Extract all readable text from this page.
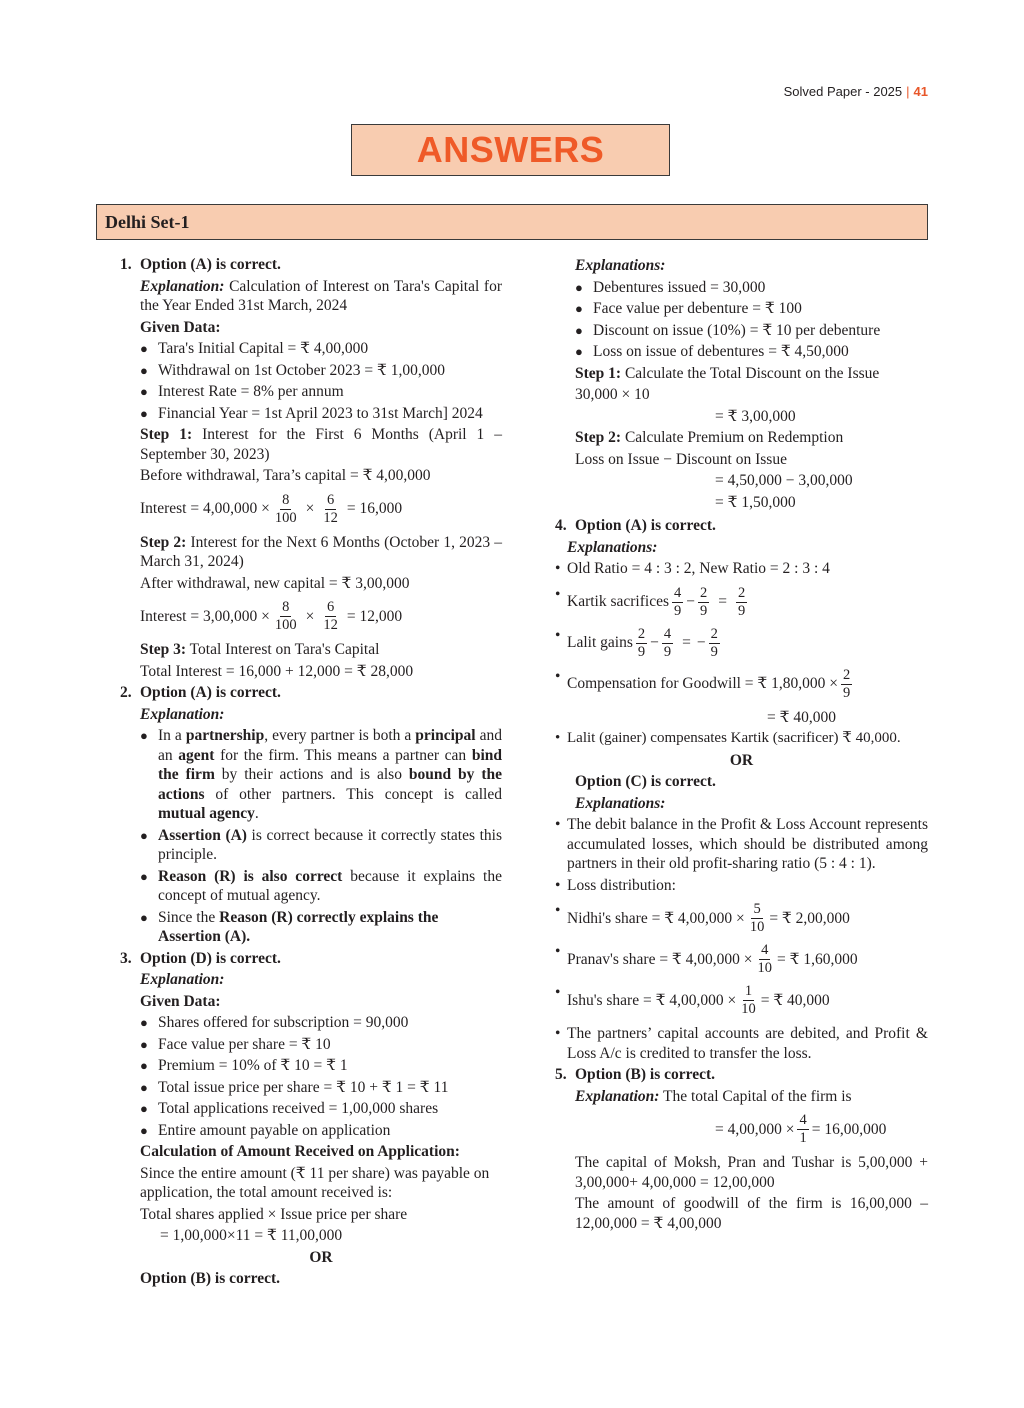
Solved Paper - 2025 | 41
ANSWERS
Delhi Set-1
1. Option (A) is correct.
Explanation: Calculation of Interest on Tara's Capital for the Year Ended 31st March, 2024
Given Data:
● Tara's Initial Capital = ₹ 4,00,000
● Withdrawal on 1st October 2023 = ₹ 1,00,000
● Interest Rate = 8% per annum
● Financial Year = 1st April 2023 to 31st March] 2024
Step 1: Interest for the First 6 Months (April 1 – September 30, 2023)
Before withdrawal, Tara’s capital = ₹ 4,00,000
Interest = $4,00,000 \times \frac{8}{100} \times \frac{6}{12} = 16,000$
Step 2: Interest for the Next 6 Months (October 1, 2023 – March 31, 2024)
After withdrawal, new capital = ₹ 3,00,000
Interest = $3,00,000 \times \frac{8}{100} \times \frac{6}{12} = 12,000$
Step 3: Total Interest on Tara's Capital
Total Interest = 16,000 + 12,000 = ₹ 28,000
2. Option (A) is correct.
Explanation:
● In a partnership, every partner is both a principal and an agent for the firm. This means a partner can bind the firm by their actions and is also bound by the actions of other partners. This concept is called mutual agency.
● Assertion (A) is correct because it correctly states this principle.
● Reason (R) is also correct because it explains the concept of mutual agency.
● Since the Reason (R) correctly explains the Assertion (A).
3. Option (D) is correct.
Explanation:
Given Data:
● Shares offered for subscription = 90,000
● Face value per share = ₹ 10
● Premium = 10% of ₹ 10 = ₹ 1
● Total issue price per share = ₹ 10 + ₹ 1 = ₹ 11
● Total applications received = 1,00,000 shares
● Entire amount payable on application
Calculation of Amount Received on Application:
Since the entire amount (₹ 11 per share) was payable on application, the total amount received is:
Total shares applied × Issue price per share
= 1,00,000×11 = ₹ 11,00,000
OR
Option (B) is correct.
Explanations:
● Debentures issued = 30,000
● Face value per debenture = ₹ 100
● Discount on issue (10%) = ₹ 10 per debenture
● Loss on issue of debentures = ₹ 4,50,000
Step 1: Calculate the Total Discount on the Issue
30,000 × 10
= ₹ 3,00,000
Step 2: Calculate Premium on Redemption
Loss on Issue − Discount on Issue
= 4,50,000 − 3,00,000
= ₹ 1,50,000
4. Option (A) is correct.
Explanations:
• Old Ratio = 4 : 3 : 2, New Ratio = 2 : 3 : 4
• Kartik sacrifices $\frac{4}{9} - \frac{2}{9} = \frac{2}{9}$
• Lalit gains $\frac{2}{9} - \frac{4}{9}$ = − $\frac{2}{9}$
• Compensation for Goodwill = ₹ $1,80,000 \times \frac{2}{9}$
= ₹ 40,000
• Lalit (gainer) compensates Kartik (sacrificer) ₹ 40,000.
OR
Option (C) is correct.
Explanations:
• The debit balance in the Profit & Loss Account represents accumulated losses, which should be distributed among partners in their old profit-sharing ratio (5 : 4 : 1).
• Loss distribution:
• Nidhi's share = ₹ $4,00,000 \times \frac{5}{10}$ = ₹ 2,00,000
• Pranav's share = ₹ $4,00,000 \times \frac{4}{10}$ = ₹ 1,60,000
• Ishu's share = ₹ $4,00,000 \times \frac{1}{10}$ = ₹ 40,000
• The partners’ capital accounts are debited, and Profit & Loss A/c is credited to transfer the loss.
5. Option (B) is correct.
Explanation: The total Capital of the firm is
= $4,00,000 \times \frac{4}{1} = 16,00,000$
The capital of Moksh, Pran and Tushar is 5,00,000 + 3,00,000+ 4,00,000 = 12,00,000
The amount of goodwill of the firm is 16,00,000 – 12,00,000 = ₹ 4,00,000
